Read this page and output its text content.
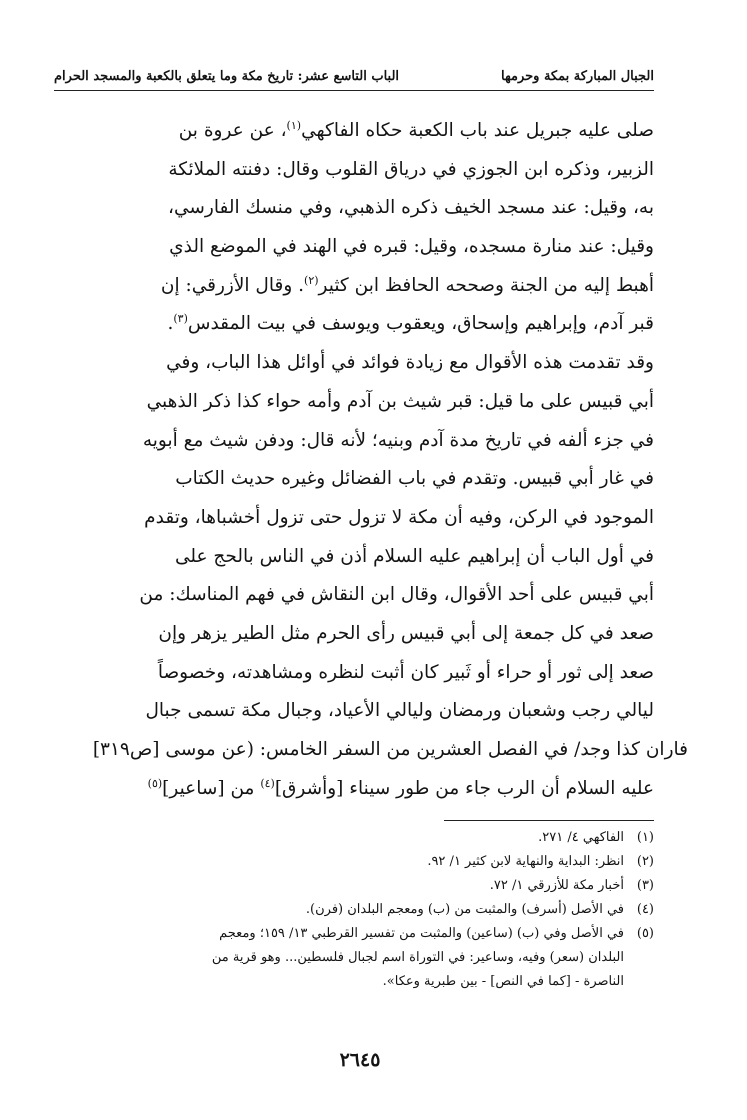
الباب التاسع عشر: تاريخ مكة وما يتعلق بالكعبة والمسجد الحرام	الجبال المباركة بمكة وحرمها
صلى عليه جبريل عند باب الكعبة حكاه الفاكهي$^{(١)}$، عن عروة بن
الزبير، وذكره ابن الجوزي في درياق القلوب وقال: دفنته الملائكة
به، وقيل: عند مسجد الخيف ذكره الذهبي، وفي منسك الفارسي،
وقيل: عند منارة مسجده، وقيل: قبره في الهند في الموضع الذي
أهبط إليه من الجنة وصححه الحافظ ابن كثير$^{(٢)}$. وقال الأزرقي: إن
قبر آدم، وإبراهيم وإسحاق، ويعقوب ويوسف في بيت المقدس$^{(٣)}$.
وقد تقدمت هذه الأقوال مع زيادة فوائد في أوائل هذا الباب، وفي
أبي قبيس على ما قيل: قبر شيث بن آدم وأمه حواء كذا ذكر الذهبي
في جزء ألفه في تاريخ مدة آدم وبنيه؛ لأنه قال: ودفن شيث مع أبويه
في غار أبي قبيس. وتقدم في باب الفضائل وغيره حديث الكتاب
الموجود في الركن، وفيه أن مكة لا تزول حتى تزول أخشباها، وتقدم
في أول الباب أن إبراهيم عليه السلام أذن في الناس بالحج على
أبي قبيس على أحد الأقوال، وقال ابن النقاش في فهم المناسك: من
صعد في كل جمعة إلى أبي قبيس رأى الحرم مثل الطير يزهر وإن
صعد إلى ثور أو حراء أو ثَبير كان أثبت لنظره ومشاهدته، وخصوصاً
ليالي رجب وشعبان ورمضان وليالي الأعياد، وجبال مكة تسمى جبال
فاران كذا وجد/ في الفصل العشرين من السفر الخامس: (عن موسى [ص٣١٩]
عليه السلام أن الرب جاء من طور سيناء [وأشرق]$^{(٤)}$ من [ساعير]$^{(٥)}$
(١)
الفاكهي ٤/ ٢٧١.
(٢)
انظر: البداية والنهاية لابن كثير ١/ ٩٢.
(٣)
أخبار مكة للأزرقي ١/ ٧٢.
(٤)
في الأصل (أسرف) والمثبت من (ب) ومعجم البلدان (فرن).
(٥)
في الأصل وفي (ب) (ساعين) والمثبت من تفسير القرطبي ١٣/ ١٥٩؛ ومعجم
البلدان (سعر) وفيه، وساعير: في التوراة اسم لجبال فلسطين... وهو قرية من
الناصرة - [كما في النص] - بين طبرية وعكا».
٢٦٤٥
